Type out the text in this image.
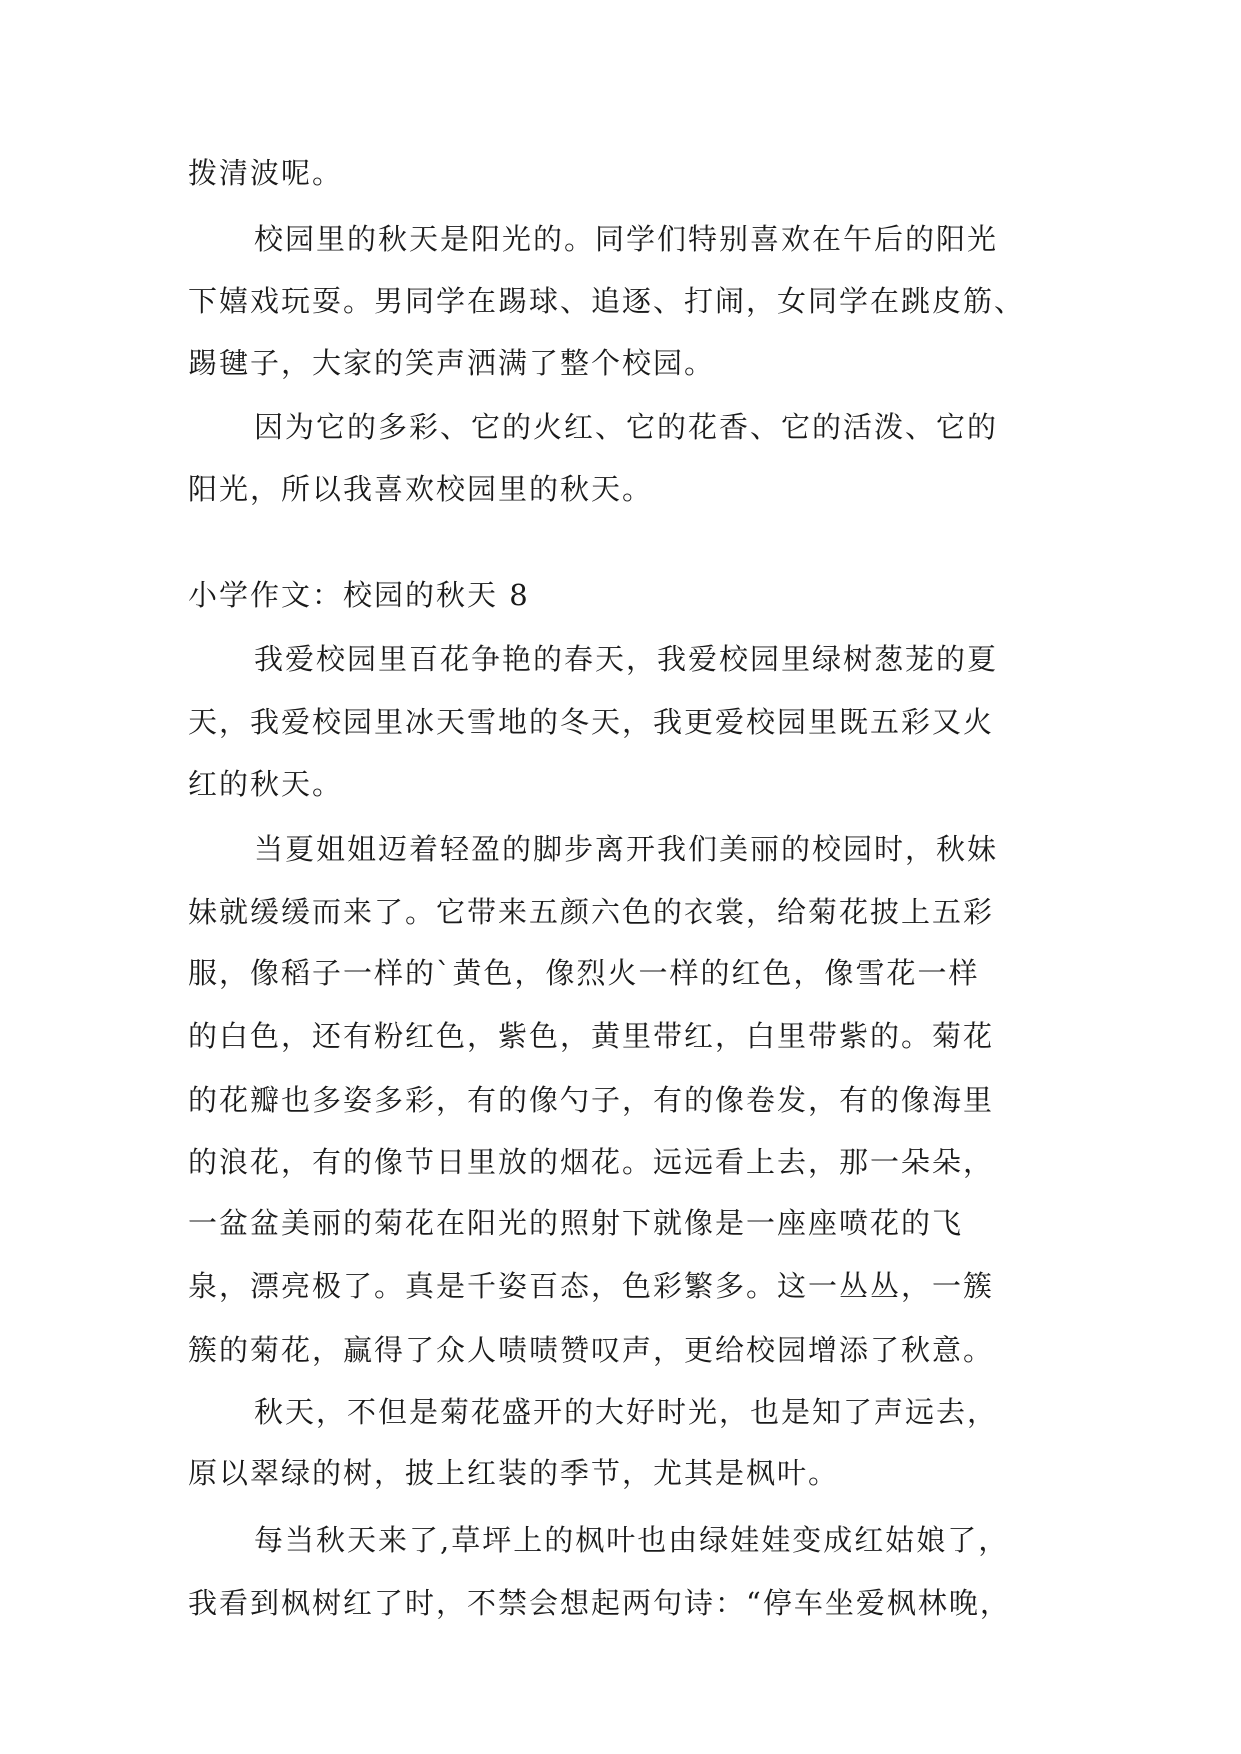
拨清波呢。
校园里的秋天是阳光的。同学们特别喜欢在午后的阳光
下嬉戏玩耍。男同学在踢球、追逐、打闹，女同学在跳皮筋、
踢毽子，大家的笑声洒满了整个校园。
因为它的多彩、它的火红、它的花香、它的活泼、它的
阳光，所以我喜欢校园里的秋天。
小学作文：校园的秋天 8
我爱校园里百花争艳的春天，我爱校园里绿树葱茏的夏
天，我爱校园里冰天雪地的冬天，我更爱校园里既五彩又火
红的秋天。
当夏姐姐迈着轻盈的脚步离开我们美丽的校园时，秋妹
妹就缓缓而来了。它带来五颜六色的衣裳，给菊花披上五彩
服，像稻子一样的`黄色，像烈火一样的红色，像雪花一样
的白色，还有粉红色，紫色，黄里带红，白里带紫的。菊花
的花瓣也多姿多彩，有的像勺子，有的像卷发，有的像海里
的浪花，有的像节日里放的烟花。远远看上去，那一朵朵，
一盆盆美丽的菊花在阳光的照射下就像是一座座喷花的飞
泉，漂亮极了。真是千姿百态，色彩繁多。这一丛丛，一簇
簇的菊花，赢得了众人啧啧赞叹声，更给校园增添了秋意。
秋天，不但是菊花盛开的大好时光，也是知了声远去，
原以翠绿的树，披上红装的季节，尤其是枫叶。
每当秋天来了,草坪上的枫叶也由绿娃娃变成红姑娘了，
我看到枫树红了时，不禁会想起两句诗：“停车坐爱枫林晚，
